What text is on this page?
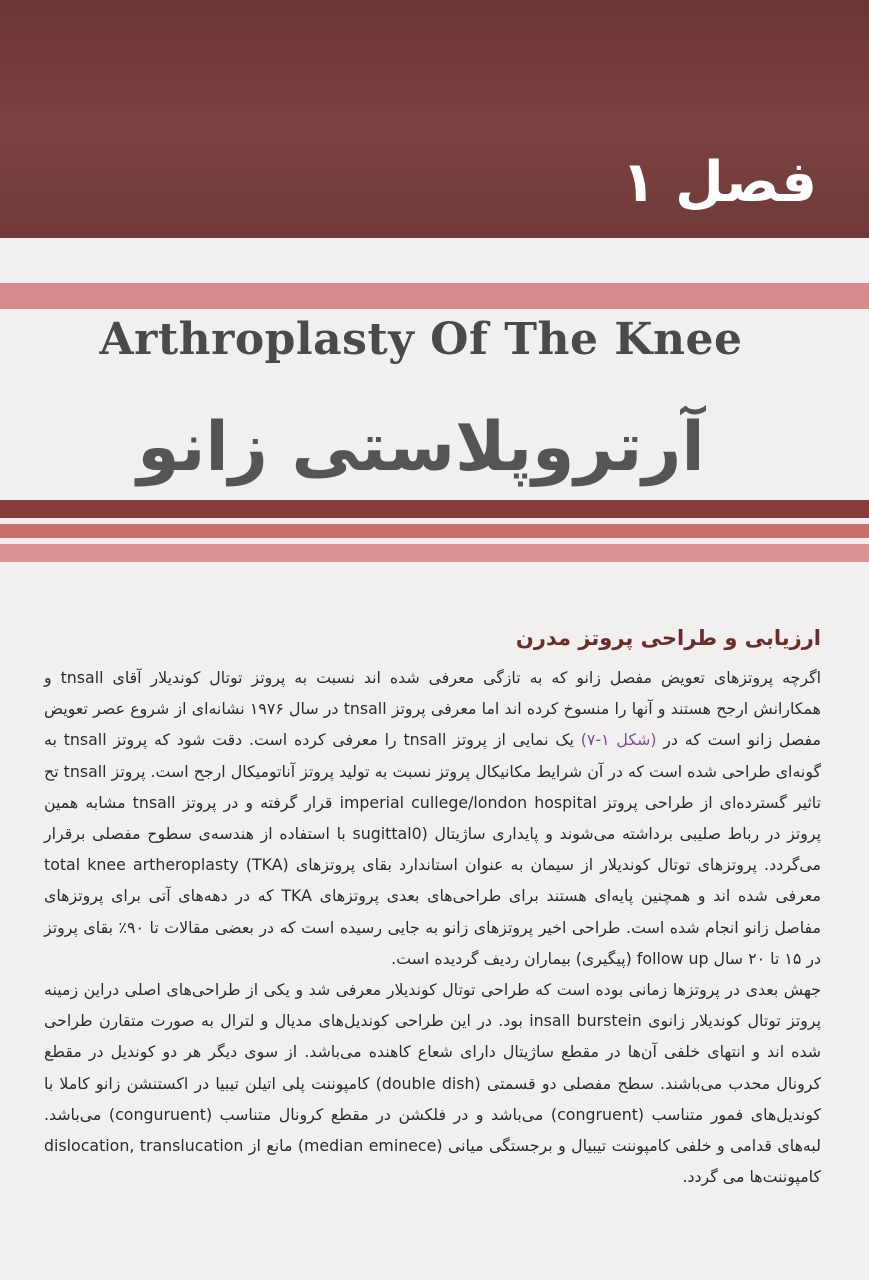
فصل ۱
Arthroplasty Of The Knee
آرتروپلاستی زانو
ارزیابی و طراحی پروتز مدرن

اگرچه پروتزهای تعویض مفصل زانو که به تازگی معرفی شده اند نسبت به پروتز توتال کوندیلار آقای tnsall و همکارانش ارجح هستند و آنها را منسوخ کرده اند اما معرفی پروتز tnsall در سال ۱۹۷۶ نشانه‌ای از شروع عصر تعویض مفصل زانو است که در (شکل ۱-۷) یک نمایی از پروتز tnsall را معرفی کرده است. دقت شود که پروتز tnsall به گونه‌ای طراحی شده است که در آن شرایط مکانیکال پروتز نسبت به تولید پروتز آناتومیکال ارجح است. پروتز tnsall تح تاثیر گسترده‌ای از طراحی پروتز imperial cullege/london hospital قرار گرفته و در پروتز tnsall مشابه همین پروتز در رباط صلیبی برداشته می‌شوند و پایداری ساژیتال (sugittal0 با استفاده از هندسه‌ی سطوح مفصلی برقرار می‌گردد. پروتزهای توتال کوندیلار از سیمان به عنوان استاندارد بقای پروتزهای total knee artheroplasty (TKA) معرفی شده اند و همچنین پایه‌ای هستند برای طراحی‌های بعدی پروتزهای TKA که در دهه‌های آتی برای پروتزهای مفاصل زانو انجام شده است. طراحی اخیر پروتزهای زانو به جایی رسیده است که در بعضی مقالات تا ۹۰٪ بقای پروتز در ۱۵ تا ۲۰ سال follow up (پیگیری) بیماران ردیف گردیده است.

جهش بعدی در پروتزها زمانی بوده است که طراحی توتال کوندیلار معرفی شد و یکی از طراحی‌های اصلی دراین زمینه پروتز توتال کوندیلار زانوی insall burstein بود. در این طراحی کوندیل‌های مدیال و لترال به صورت متقارن طراحی شده اند و انتهای خلفی آن‌ها در مقطع ساژیتال دارای شعاع کاهنده می‌باشد. از سوی دیگر هر دو کوندیل در مقطع کرونال محدب می‌باشند. سطح مفصلی دو قسمتی (double dish) کامپوننت پلی اتیلن تیبیا در اکستنشن زانو کاملا با کوندیل‌های فمور متناسب (congruent) می‌باشد و در فلکشن در مقطع کرونال متناسب (conguruent) می‌باشد. لبه‌های قدامی و خلفی کامپوننت تیبیال و برجستگی میانی (median eminece) مانع از dislocation, translucation کامپوننت‌ها می گردد.
